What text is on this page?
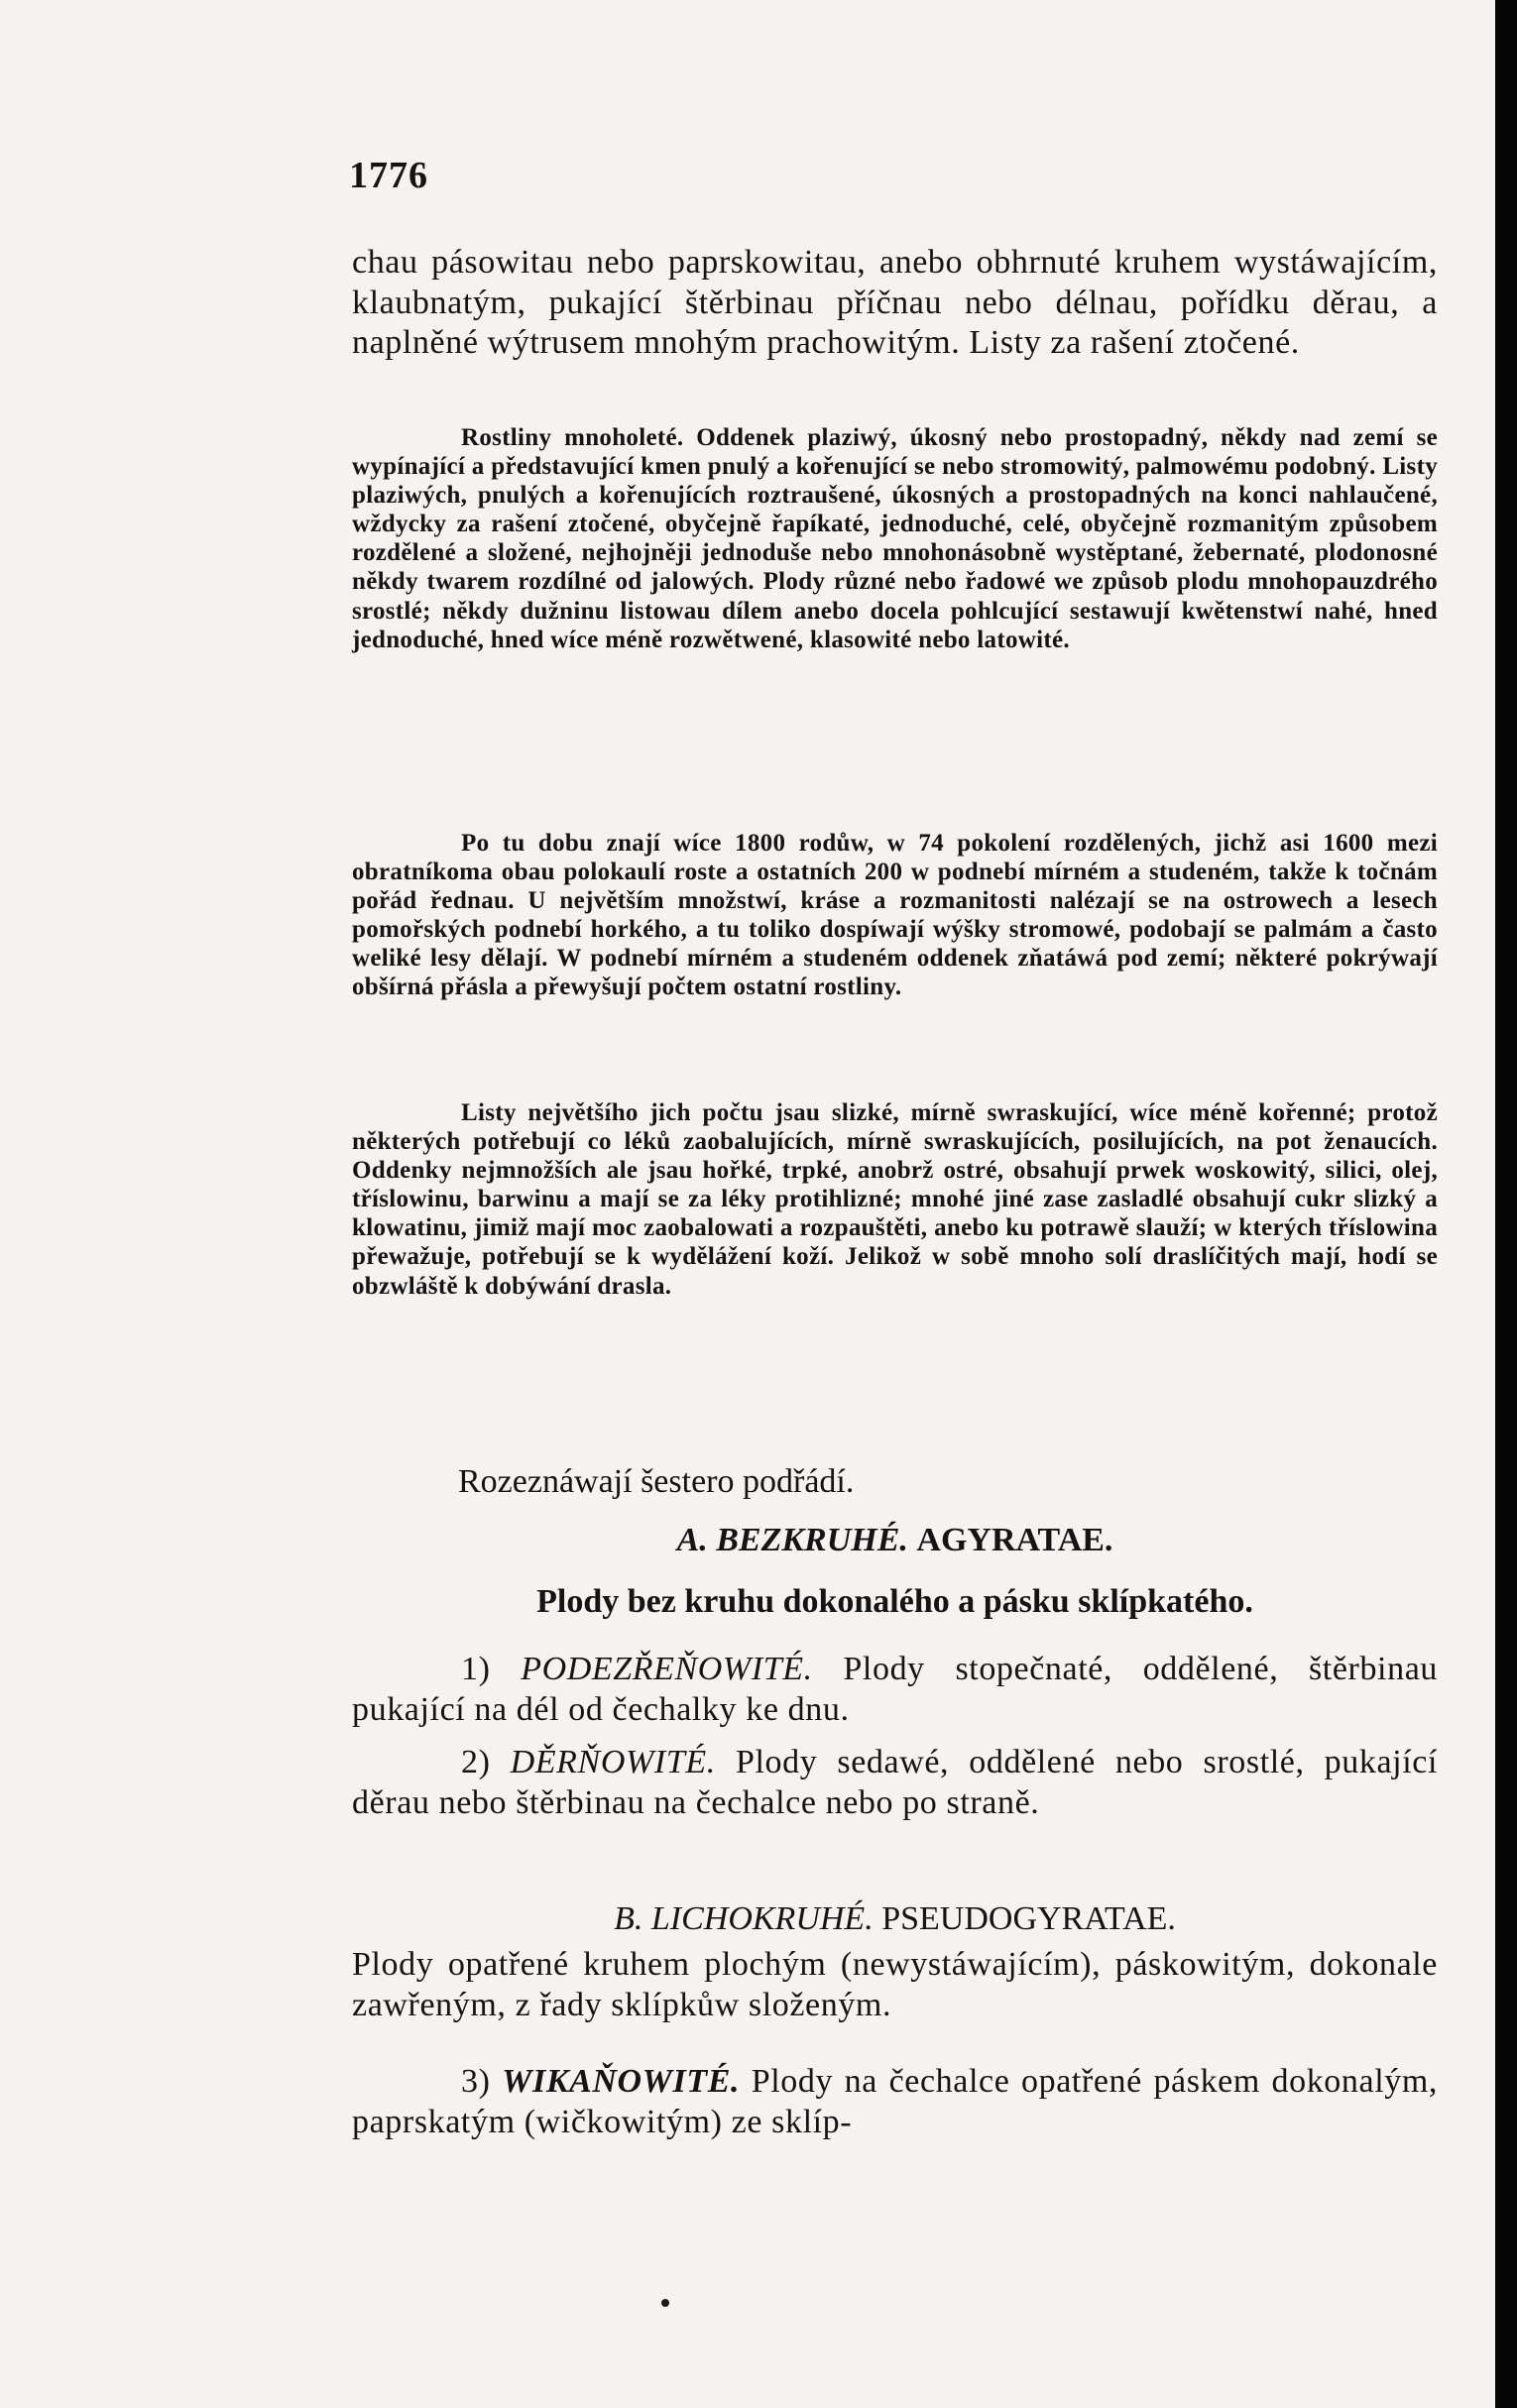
1776

chau pásowitau nebo paprskowitau, anebo obhrnuté kruhem wystáwajícím, klaubnatým, pukající štěrbinau příčnau nebo délnau, pořídku děrau, a naplněné wýtrusem mnohým prachowitým. Listy za rašení ztočené.

Rostliny mnoholeté. Oddenek plaziwý, úkosný nebo prostopadný, někdy nad zemí se wypínající a představující kmen pnulý a kořenující se nebo stromowitý, palmowému podobný. Listy plaziwých, pnulých a kořenujících roztraušené, úkosných a prostopadných na konci nahlaučené, wždycky za rašení ztočené, obyčejně řapíkaté, jednoduché, celé, obyčejně rozmanitým způsobem rozdělené a složené, nejhojněji jednoduše nebo mnohonásobně wystěptané, žebernaté, plodonosné někdy twarem rozdílné od jalowých. Plody různé nebo řadowé we způsob plodu mnohopauzdrého srostlé; někdy dužninu listowau dílem anebo docela pohlcující sestawují kwětenstwí nahé, hned jednoduché, hned wíce méně rozwětwené, klasowité nebo latowité.

Po tu dobu znají wíce 1800 rodůw, w 74 pokolení rozdělených, jichž asi 1600 mezi obratníkoma obau polokaulí roste a ostatních 200 w podnebí mírném a studeném, takže k točnám pořád řednau. U největším množstwí, kráse a rozmanitosti nalézají se na ostrowech a lesech pomořských podnebí horkého, a tu toliko dospíwají wýšky stromowé, podobají se palmám a často weliké lesy dělají. W podnebí mírném a studeném oddenek zňatáwá pod zemí; některé pokrýwají obšírná přásla a přewyšují počtem ostatní rostliny.

Listy největšího jich počtu jsau slizké, mírně swraskující, wíce méně kořenné; protož některých potřebují co léků zaobalujících, mírně swraskujících, posilujících, na pot ženaucích. Oddenky nejmnožších ale jsau hořké, trpké, anobrž ostré, obsahují prwek woskowitý, silici, olej, tříslowinu, barwinu a mají se za léky protihlizné; mnohé jiné zase zasladlé obsahují cukr slizký a klowatinu, jimiž mají moc zaobalowati a rozpauštěti, anebo ku potrawě slauží; w kterých tříslowina přewažuje, potřebují se k wydělážení koží. Jelikož w sobě mnoho solí draslíčitých mají, hodí se obzwláště k dobýwání drasla.

Rozeznáwají šestero podřádí.

A. BEZKRUHÉ. AGYRATAE.

Plody bez kruhu dokonalého a pásku sklípkatého.

1) PODEZŘEŇOWITÉ. Plody stopečnaté, oddělené, štěrbinau pukající na dél od čechalky ke dnu.

2) DĚRŇOWITÉ. Plody sedawé, oddělené nebo srostlé, pukající děrau nebo štěrbinau na čechalce nebo po straně.

B. LICHOKRUHÉ. PSEUDOGYRATAE.

Plody opatřené kruhem plochým (newystáwajícím), páskowitým, dokonale zawřeným, z řady sklípkůw složeným.

3) WIKAŇOWITÉ. Plody na čechalce opatřené páskem dokonalým, paprskatým (wičkowitým) ze sklíp-
